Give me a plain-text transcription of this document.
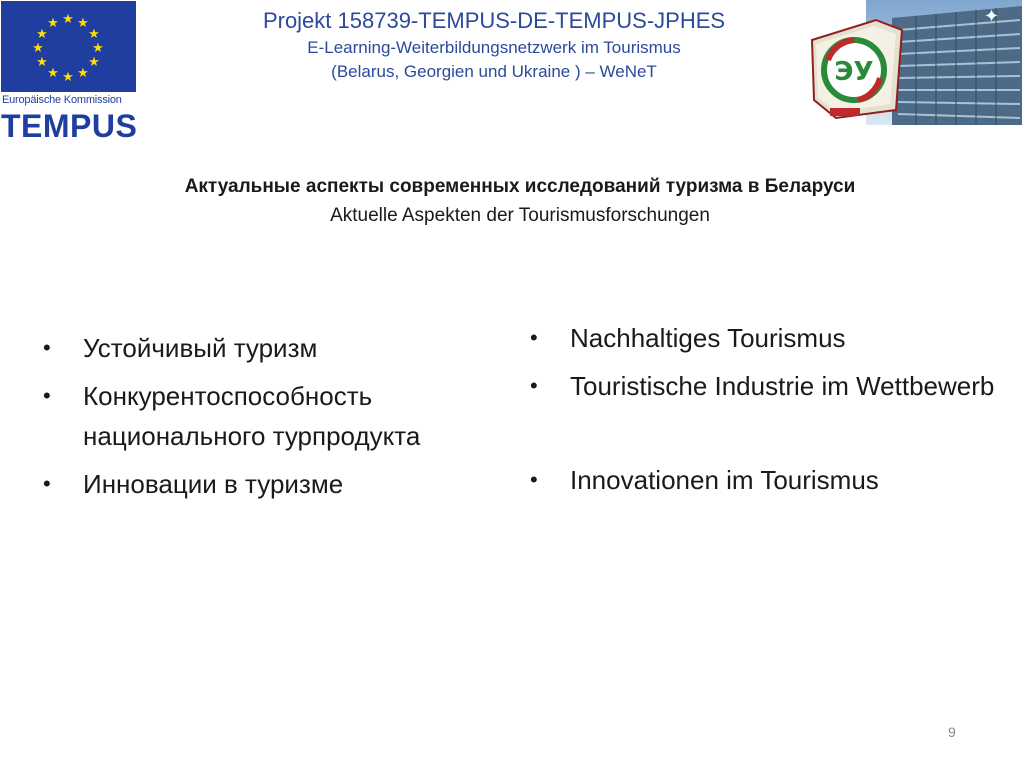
★ ★
★
★
★
★
★
★
★
★
★
★
Europäische Kommission
TEMPUS
Projekt 158739-TEMPUS-DE-TEMPUS-JPHES
E-Learning-Weiterbildungsnetzwerk im Tourismus
(Belarus, Georgien und Ukraine ) – WeNeT
✦
ЭУ
Актуальные аспекты современных исследований туризма в Беларуси
Aktuelle Aspekten der Tourismusforschungen
• Устойчивый туризм
• Конкурентоспособность национального турпродукта
• Инновации в туризме
• Nachhaltiges Tourismus
• Touristische Industrie im Wettbewerb
• Innovationen im Tourismus
9
